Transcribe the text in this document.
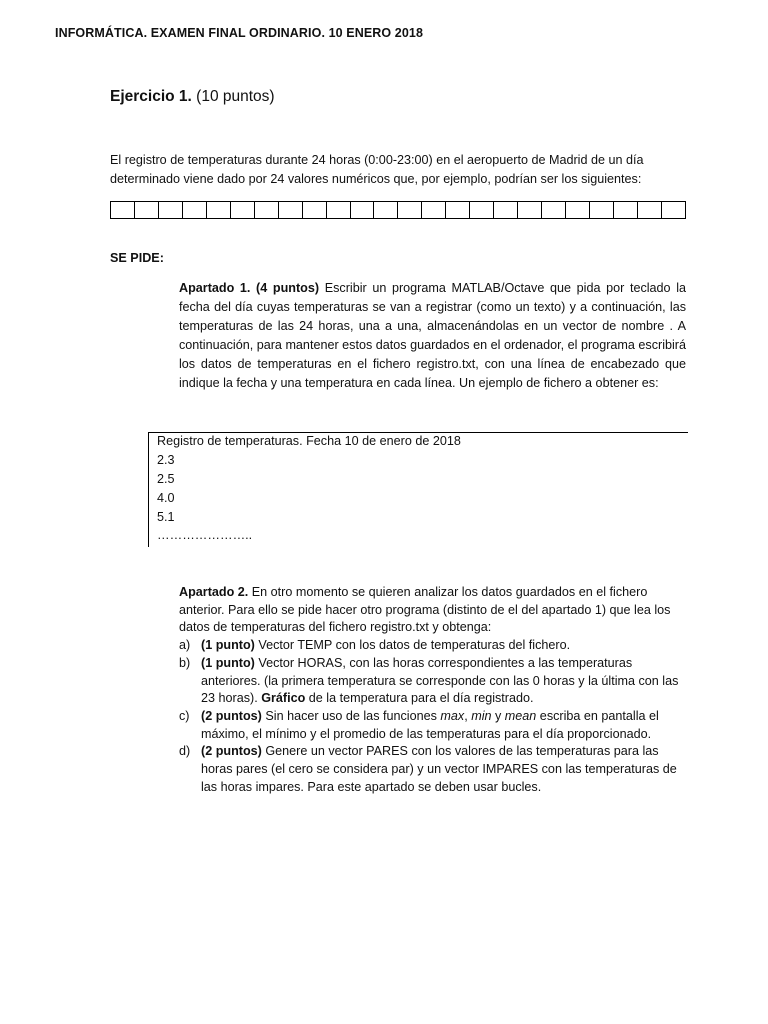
INFORMÁTICA. EXAMEN FINAL ORDINARIO. 10 ENERO 2018
Ejercicio 1. (10 puntos)
El registro de temperaturas durante 24 horas (0:00-23:00) en el aeropuerto de Madrid de un día
determinado viene dado por 24 valores numéricos que, por ejemplo, podrían ser los siguientes:
SE PIDE:
Apartado 1. (4 puntos) Escribir un programa MATLAB/Octave que pida por teclado la fecha del día cuyas temperaturas se van a registrar (como un texto) y a continuación, las temperaturas de las 24 horas, una a una, almacenándolas en un vector de nombre . A continuación, para mantener estos datos guardados en el ordenador, el programa escribirá los datos de temperaturas en el fichero registro.txt, con una línea de encabezado que indique la fecha y una temperatura en cada línea. Un ejemplo de fichero a obtener es:
Registro de temperaturas. Fecha 10 de enero de 2018
2.3
2.5
4.0
5.1
…………………..
Apartado 2. En otro momento se quieren analizar los datos guardados en el fichero anterior. Para ello se pide hacer otro programa (distinto de el del apartado 1) que lea los datos de temperaturas del fichero registro.txt y obtenga:
a) (1 punto) Vector TEMP con los datos de temperaturas del fichero.
b) (1 punto) Vector HORAS, con las horas correspondientes a las temperaturas anteriores. (la primera temperatura se corresponde con las 0 horas y la última con las 23 horas). Gráfico de la temperatura para el día registrado.
c) (2 puntos) Sin hacer uso de las funciones max, min y mean escriba en pantalla el máximo, el mínimo y el promedio de las temperaturas para el día proporcionado.
d) (2 puntos) Genere un vector PARES con los valores de las temperaturas para las horas pares (el cero se considera par) y un vector IMPARES con las temperaturas de las horas impares. Para este apartado se deben usar bucles.
